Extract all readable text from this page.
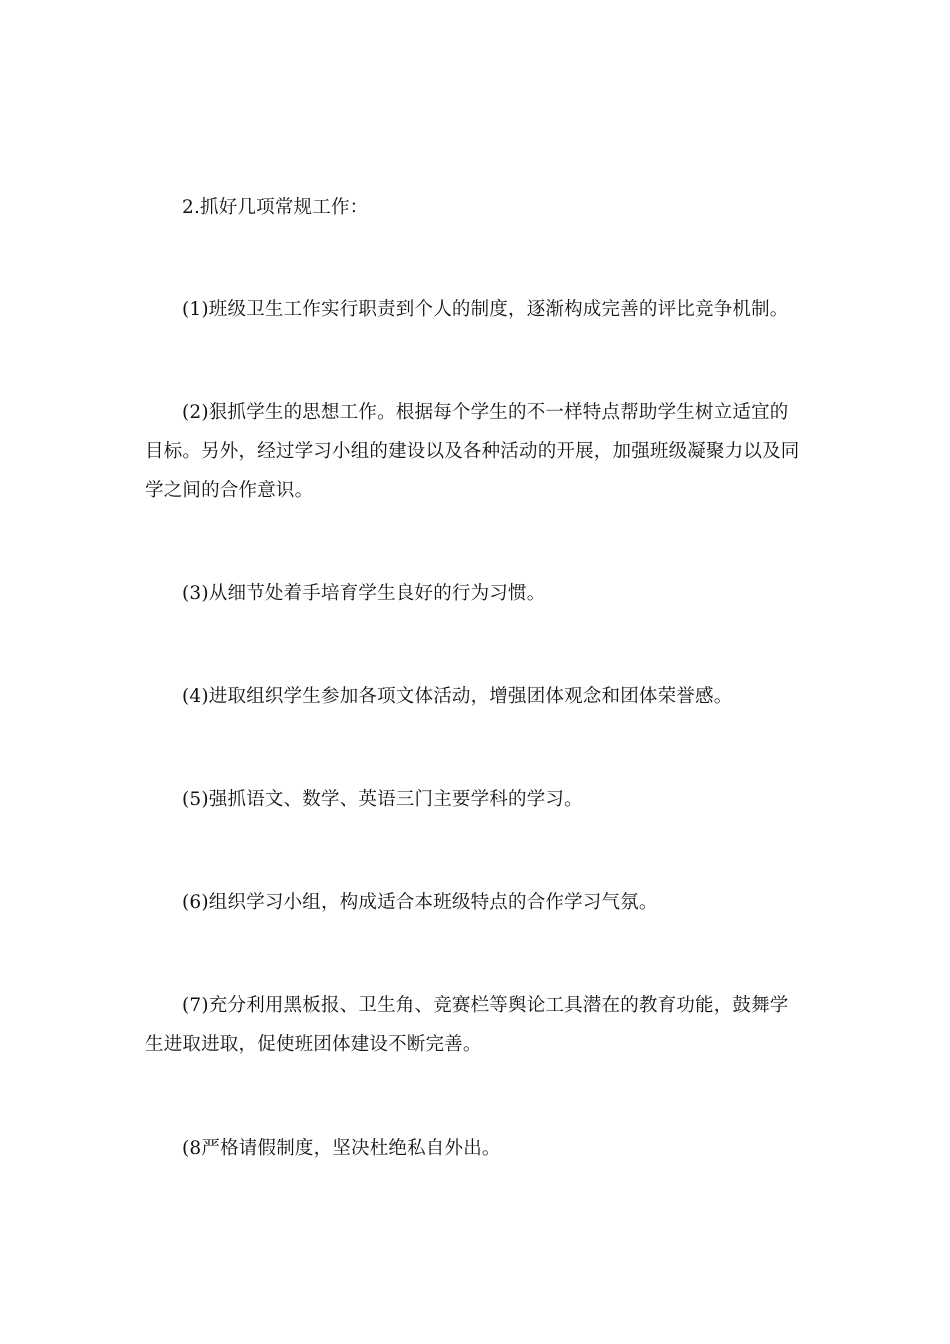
2.抓好几项常规工作：

(1)班级卫生工作实行职责到个人的制度，逐渐构成完善的评比竞争机制。

(2)狠抓学生的思想工作。根据每个学生的不一样特点帮助学生树立适宜的目标。另外，经过学习小组的建设以及各种活动的开展，加强班级凝聚力以及同学之间的合作意识。

(3)从细节处着手培育学生良好的行为习惯。

(4)进取组织学生参加各项文体活动，增强团体观念和团体荣誉感。

(5)强抓语文、数学、英语三门主要学科的学习。

(6)组织学习小组，构成适合本班级特点的合作学习气氛。

(7)充分利用黑板报、卫生角、竞赛栏等舆论工具潜在的教育功能，鼓舞学生进取进取，促使班团体建设不断完善。

(8严格请假制度，坚决杜绝私自外出。
